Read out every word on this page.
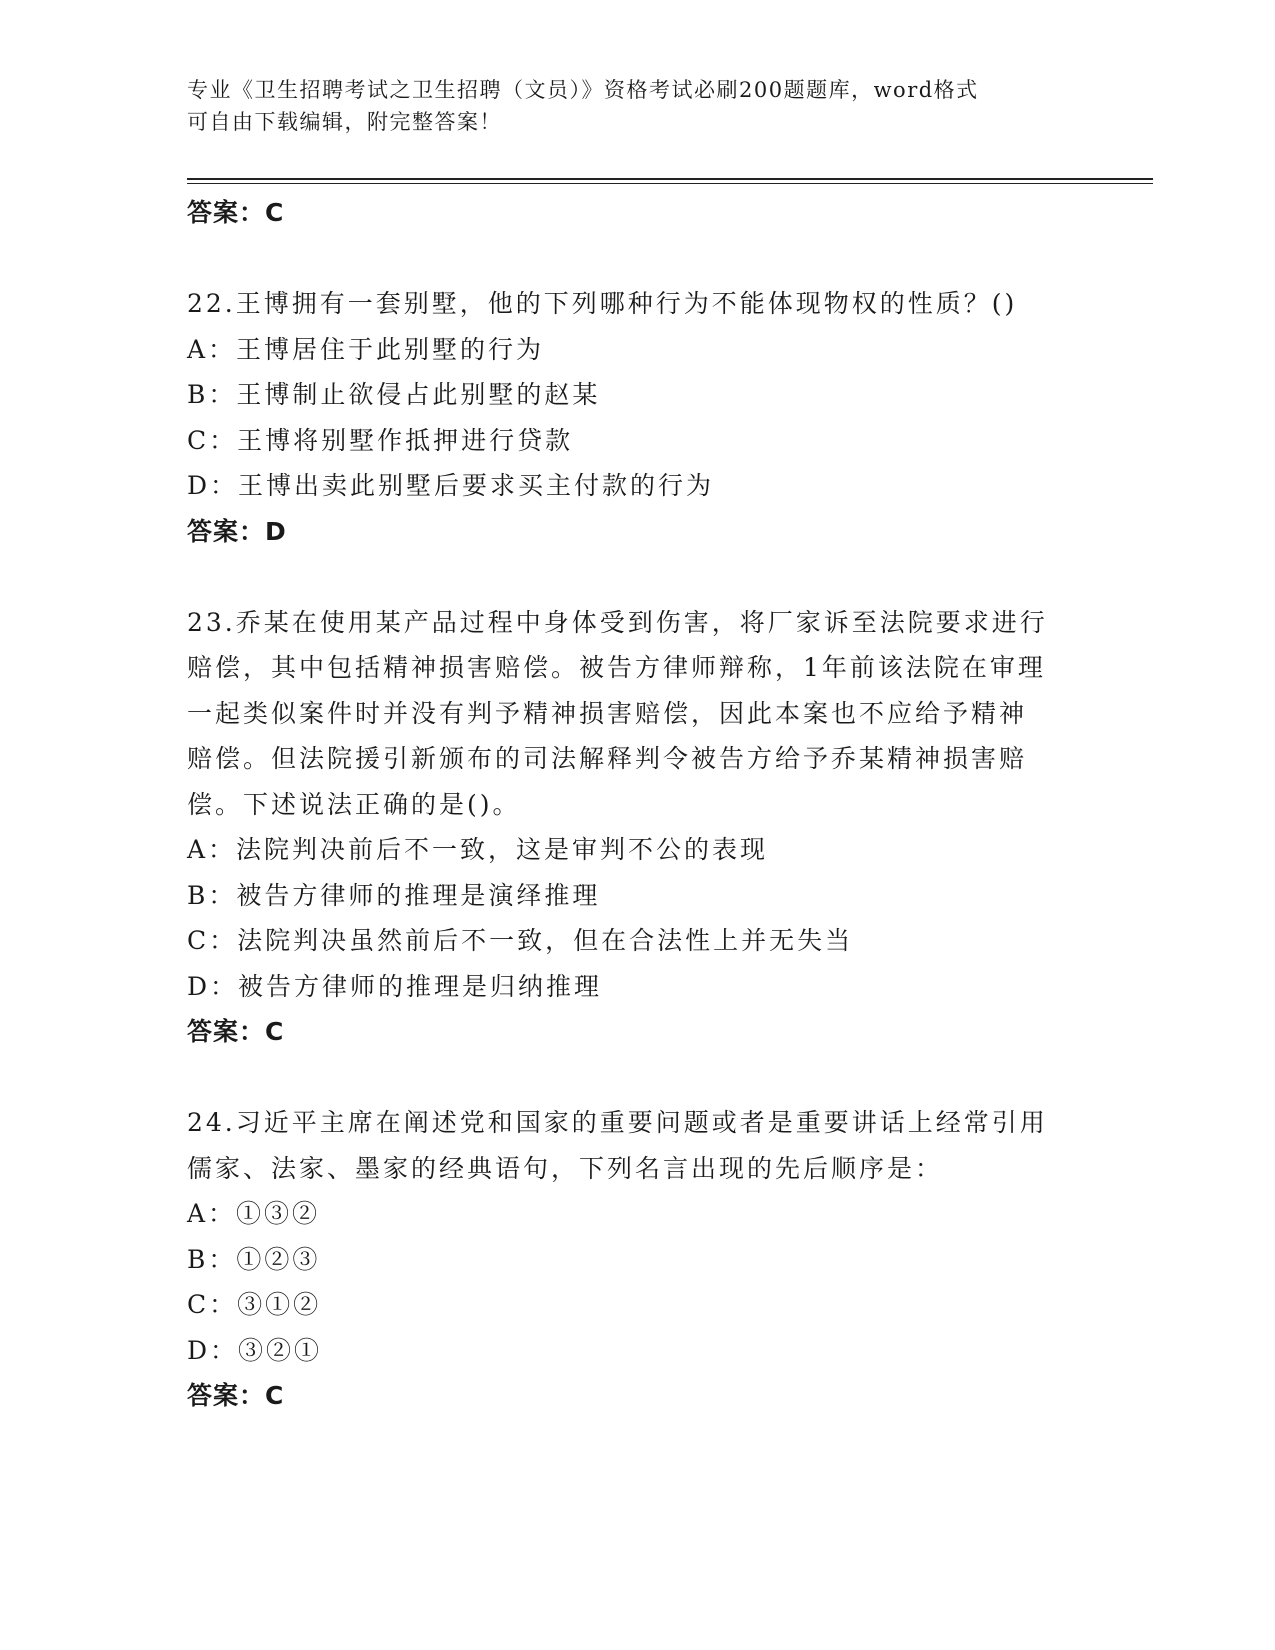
专业《卫生招聘考试之卫生招聘（文员）》资格考试必刷200题题库，word格式
可自由下载编辑，附完整答案！
答案：C
22.王博拥有一套别墅，他的下列哪种行为不能体现物权的性质？()
A：王博居住于此别墅的行为
B：王博制止欲侵占此别墅的赵某
C：王博将别墅作抵押进行贷款
D：王博出卖此别墅后要求买主付款的行为
答案：D
23.乔某在使用某产品过程中身体受到伤害，将厂家诉至法院要求进行
赔偿，其中包括精神损害赔偿。被告方律师辩称，1年前该法院在审理
一起类似案件时并没有判予精神损害赔偿，因此本案也不应给予精神
赔偿。但法院援引新颁布的司法解释判令被告方给予乔某精神损害赔
偿。下述说法正确的是()。
A：法院判决前后不一致，这是审判不公的表现
B：被告方律师的推理是演绎推理
C：法院判决虽然前后不一致，但在合法性上并无失当
D：被告方律师的推理是归纳推理
答案：C
24.习近平主席在阐述党和国家的重要问题或者是重要讲话上经常引用
儒家、法家、墨家的经典语句，下列名言出现的先后顺序是：
A：①③②
B：①②③
C：③①②
D：③②①
答案：C
